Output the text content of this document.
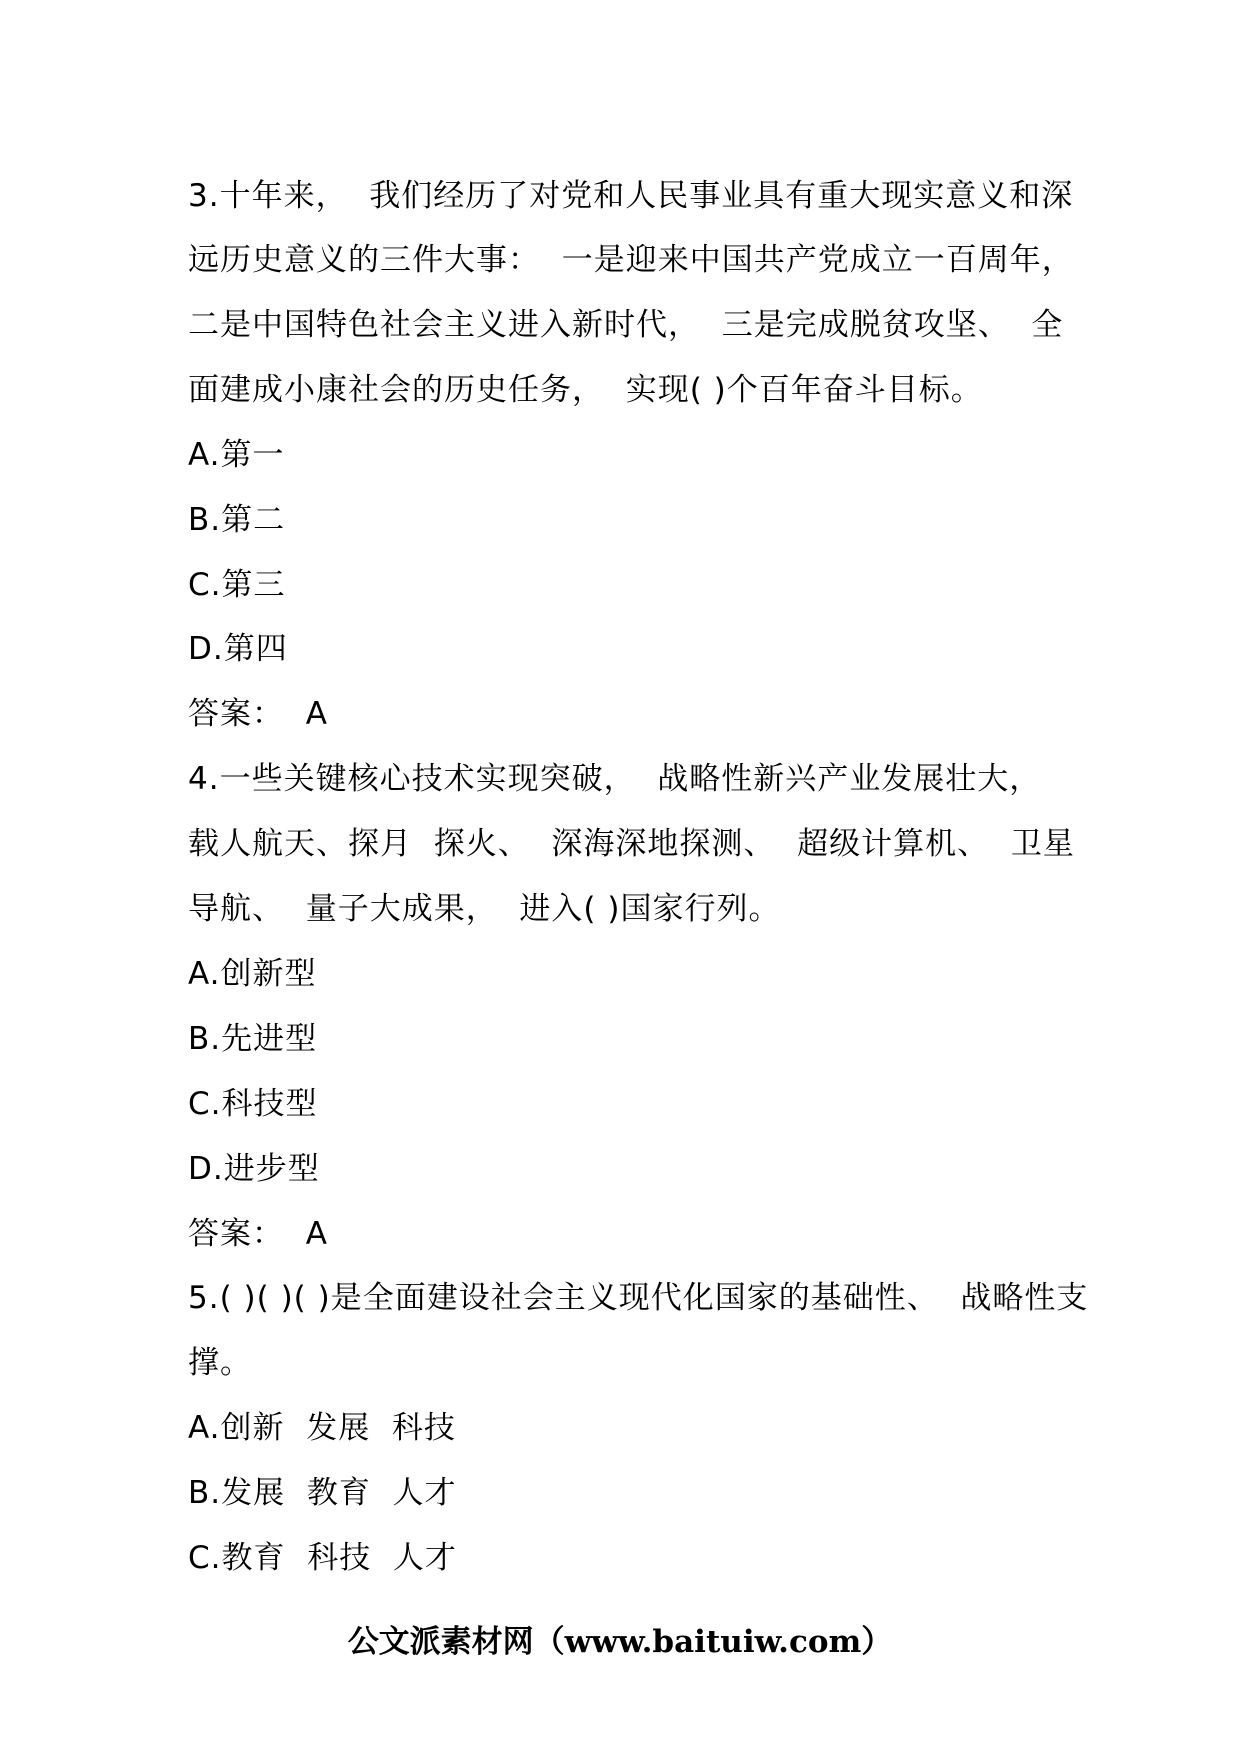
3.十年来，  我们经历了对党和人民事业具有重大现实意义和深
远历史意义的三件大事：  一是迎来中国共产党成立一百周年，
二是中国特色社会主义进入新时代，  三是完成脱贫攻坚、  全
面建成小康社会的历史任务，  实现( )个百年奋斗目标。
A.第一
B.第二
C.第三
D.第四
答案：  A
4.一些关键核心技术实现突破，  战略性新兴产业发展壮大，
载人航天、探月  探火、  深海深地探测、  超级计算机、  卫星
导航、  量子大成果，  进入( )国家行列。
A.创新型
B.先进型
C.科技型
D.进步型
答案：  A
5.( )( )( )是全面建设社会主义现代化国家的基础性、  战略性支
撑。
A.创新  发展  科技
B.发展  教育  人才
C.教育  科技  人才
公文派素材网（www.baituiw.com）
